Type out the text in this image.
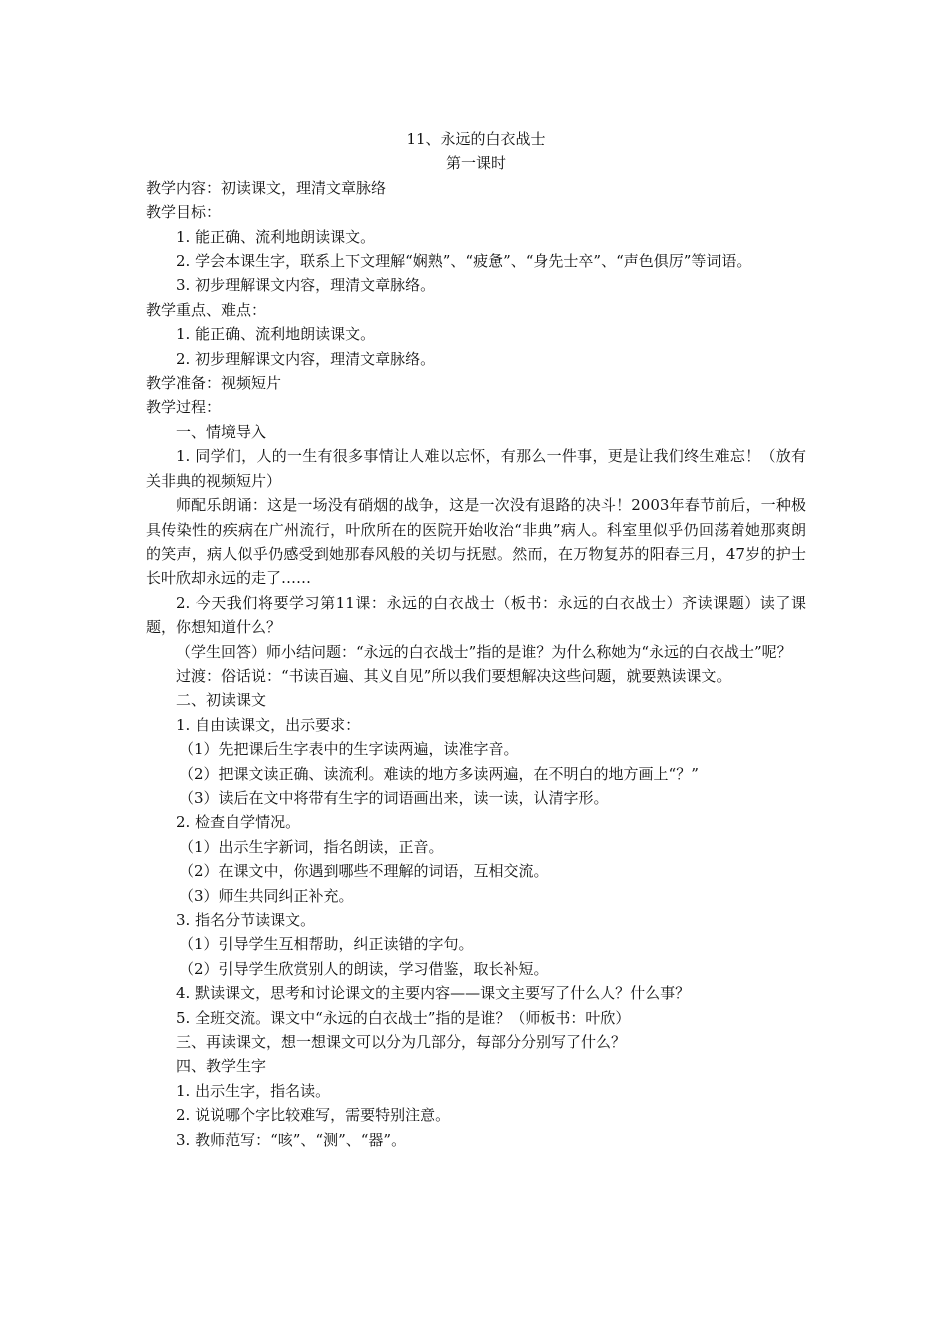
11、永远的白衣战士
第一课时
教学内容：初读课文，理清文章脉络
教学目标：
1. 能正确、流利地朗读课文。
2. 学会本课生字，联系上下文理解“娴熟”、“疲惫”、“身先士卒”、“声色俱厉”等词语。
3. 初步理解课文内容，理清文章脉络。
教学重点、难点：
1. 能正确、流利地朗读课文。
2. 初步理解课文内容，理清文章脉络。
教学准备：视频短片
教学过程：
一、情境导入
1. 同学们，人的一生有很多事情让人难以忘怀，有那么一件事，更是让我们终生难忘！（放有关非典的视频短片）
师配乐朗诵：这是一场没有硝烟的战争，这是一次没有退路的决斗！2003年春节前后，一种极具传染性的疾病在广州流行，叶欣所在的医院开始收治“非典”病人。科室里似乎仍回荡着她那爽朗的笑声，病人似乎仍感受到她那春风般的关切与抚慰。然而，在万物复苏的阳春三月，47岁的护士长叶欣却永远的走了……
2. 今天我们将要学习第11课：永远的白衣战士（板书：永远的白衣战士）齐读课题）读了课题，你想知道什么？
（学生回答）师小结问题：“永远的白衣战士”指的是谁？为什么称她为“永远的白衣战士”呢？
过渡：俗话说：“书读百遍、其义自见”所以我们要想解决这些问题，就要熟读课文。
二、初读课文
1. 自由读课文，出示要求：
（1）先把课后生字表中的生字读两遍，读准字音。
（2）把课文读正确、读流利。难读的地方多读两遍，在不明白的地方画上“？”
（3）读后在文中将带有生字的词语画出来，读一读，认清字形。
2. 检查自学情况。
（1）出示生字新词，指名朗读，正音。
（2）在课文中，你遇到哪些不理解的词语，互相交流。
（3）师生共同纠正补充。
3. 指名分节读课文。
（1）引导学生互相帮助，纠正读错的字句。
（2）引导学生欣赏别人的朗读，学习借鉴，取长补短。
4. 默读课文，思考和讨论课文的主要内容——课文主要写了什么人？什么事？
5. 全班交流。课文中“永远的白衣战士”指的是谁？（师板书：叶欣）
三、再读课文，想一想课文可以分为几部分，每部分分别写了什么？
四、教学生字
1. 出示生字，指名读。
2. 说说哪个字比较难写，需要特别注意。
3. 教师范写：“咳”、“测”、“器”。
